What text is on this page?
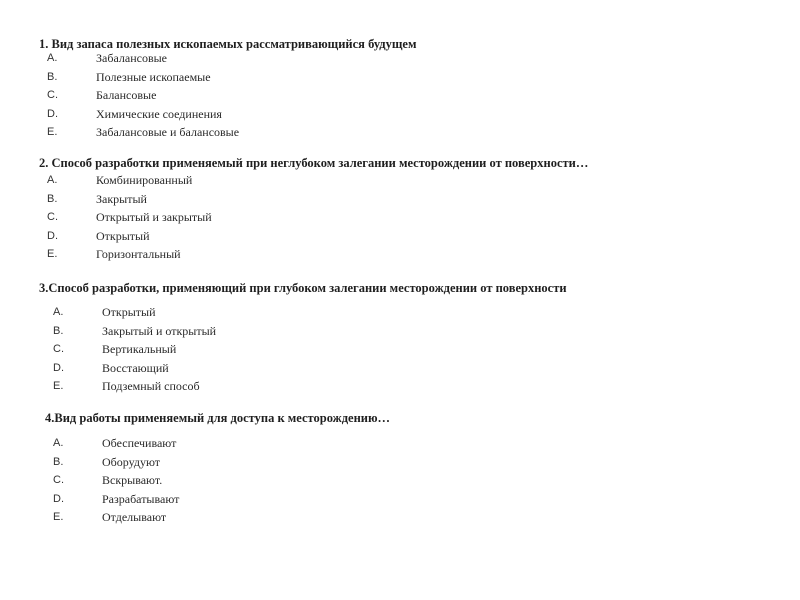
1. Вид запаса полезных ископаемых рассматривающийся будущем
A.	Забалансовые
B.	Полезные ископаемые
C.	Балансовые
D.	Химические соединения
E.	Забалансовые и балансовые
2. Способ разработки применяемый при неглубоком залегании месторождении от поверхности…
A.	Комбинированный
B.	Закрытый
C.	Открытый и закрытый
D.	Открытый
E.	Горизонтальный
3.Способ разработки, применяющий при глубоком залегании месторождении от поверхности
A.	Открытый
B.	Закрытый и открытый
C.	Вертикальный
D.	Восстающий
E.	Подземный способ
4.Вид работы применяемый для доступа к месторождению…
A.	Обеспечивают
B.	Оборудуют
C.	Вскрывают.
D.	Разрабатывают
E.	Отделывают
